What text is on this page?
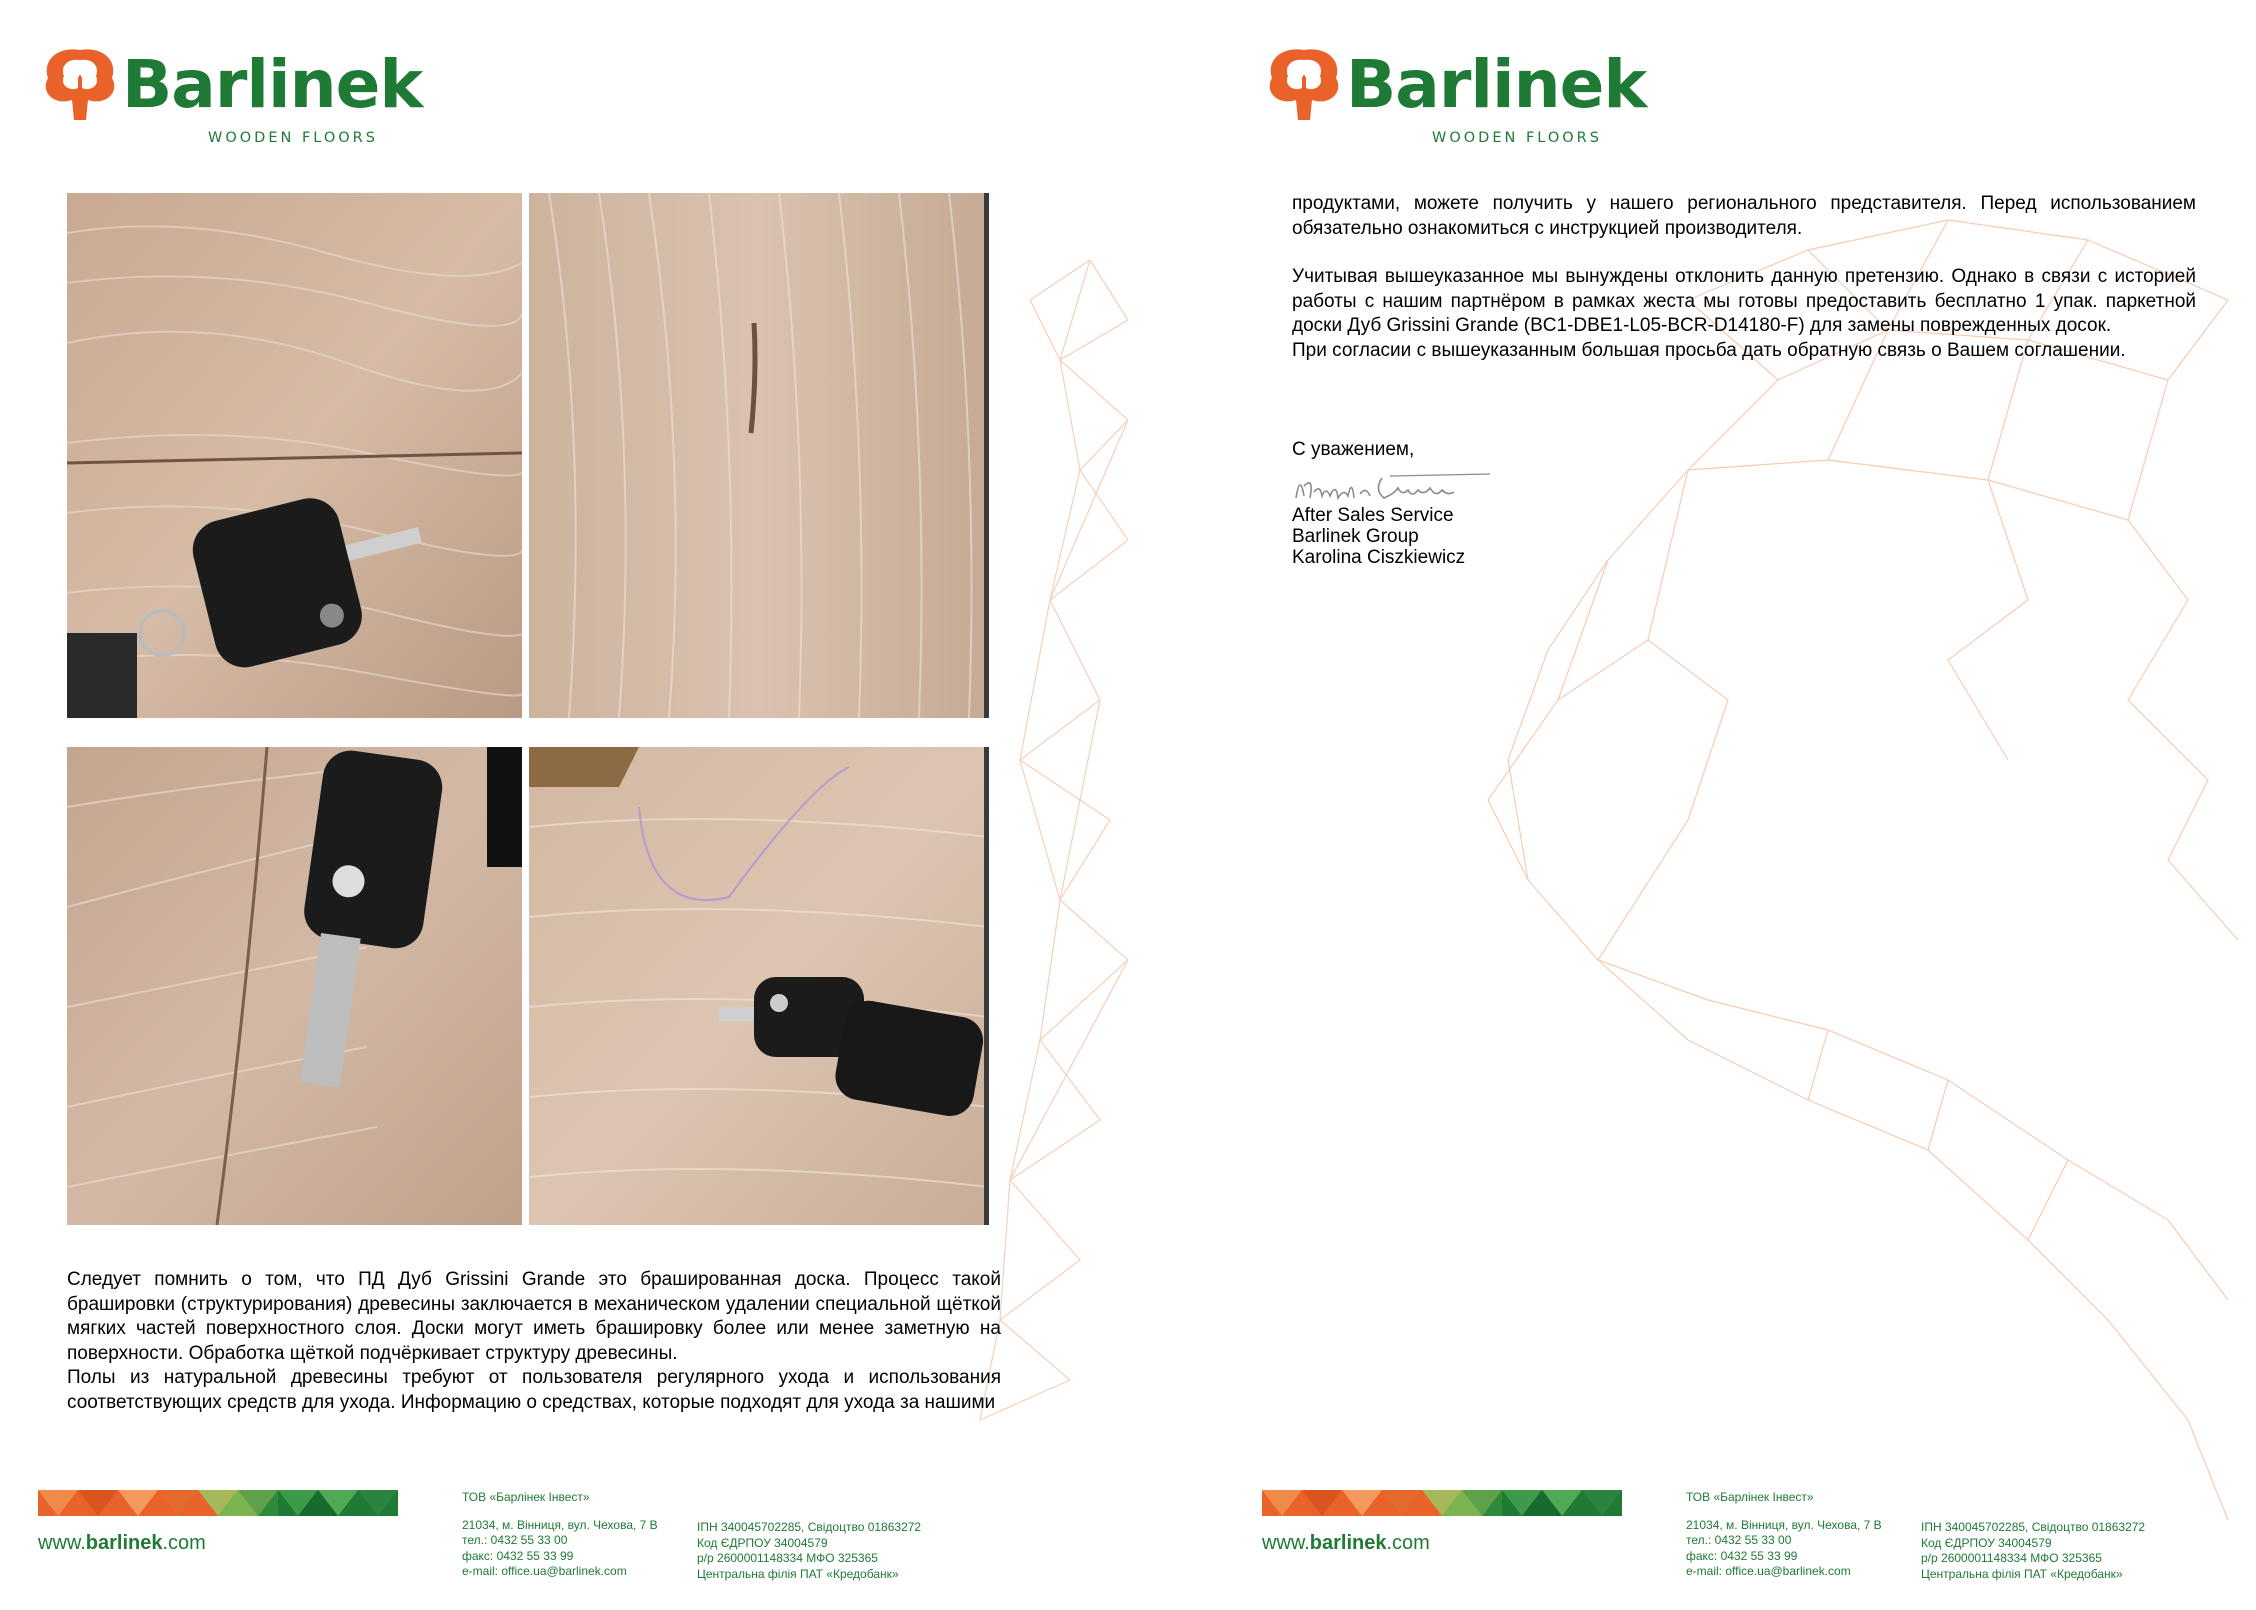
Barlinek
WOODEN FLOORS

Следует помнить о том, что ПД Дуб Grissini Grande это брашированная доска. Процесс такой брашировки (структурирования) древесины заключается в механическом удалении специальной щёткой мягких частей поверхностного слоя. Доски могут иметь брашировку более или менее заметную на поверхности. Обработка щёткой подчёркивает структуру древесины.

Полы из натуральной древесины требуют от пользователя регулярного ухода и использования соответствующих средств для ухода. Информацию о средствах, которые подходят для ухода за нашими

www.barlinek.com
ТОВ «Барлінек Інвест»
21034, м. Вінниця, вул. Чехова, 7 В
тел.: 0432 55 33 00
факс: 0432 55 33 99
e-mail: office.ua@barlinek.com
ІПН 340045702285, Свідоцтво 01863272
Код ЄДРПОУ 34004579
р/р 2600001148334 МФО 325365
Центральна філія ПАТ «Кредобанк»
Barlinek
WOODEN FLOORS

продуктами, можете получить у нашего регионального представителя. Перед использованием обязательно ознакомиться с инструкцией производителя.

Учитывая вышеуказанное мы вынуждены отклонить данную претензию. Однако в связи с историей работы с нашим партнёром в рамках жеста мы готовы предоставить бесплатно 1 упак. паркетной доски Дуб Grissini Grande (BC1-DBE1-L05-BCR-D14180-F) для замены поврежденных досок.

При согласии с вышеуказанным большая просьба дать обратную связь о Вашем соглашении.

С уважением,

After Sales Service

Barlinek Group

Karolina Ciszkiewicz

www.barlinek.com
ТОВ «Барлінек Інвест»
21034, м. Вінниця, вул. Чехова, 7 В
тел.: 0432 55 33 00
факс: 0432 55 33 99
e-mail: office.ua@barlinek.com
ІПН 340045702285, Свідоцтво 01863272
Код ЄДРПОУ 34004579
р/р 2600001148334 МФО 325365
Центральна філія ПАТ «Кредобанк»
